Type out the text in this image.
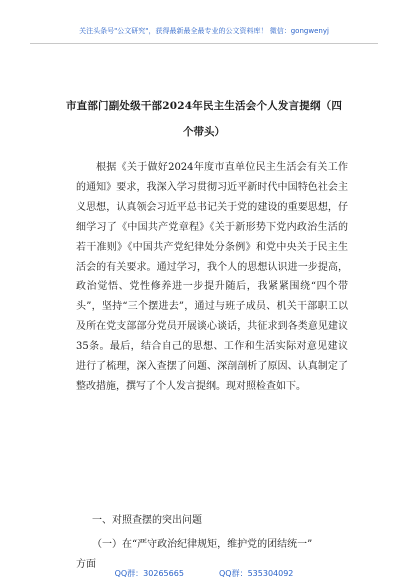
关注头条号"公文研究"，获得最新最全最专业的公文资料库！ 微信：gongwenyj
市直部门副处级干部2024年民主生活会个人发言提纲（四
个带头）

根据《关于做好2024年度市直单位民主生活会有关工作的通知》要求，我深入学习贯彻习近平新时代中国特色社会主义思想，认真领会习近平总书记关于党的建设的重要思想，仔细学习了《中国共产党章程》《关于新形势下党内政治生活的若干准则》《中国共产党纪律处分条例》和党中央关于民主生活会的有关要求。通过学习，我个人的思想认识进一步提高，政治觉悟、党性修养进一步提升随后，我紧紧围绕“四个带头”，坚持“三个摆进去”，通过与班子成员、机关干部职工以及所在党支部部分党员开展谈心谈话，共征求到各类意见建议35条。最后，结合自己的思想、工作和生活实际对意见建议进行了梳理，深入查摆了问题、深剖剖析了原因、认真制定了整改措施，撰写了个人发言提纲。现对照检查如下。

一、对照查摆的突出问题
（一）在“严守政治纪律规矩，维护党的团结统一”
方面
QQ群：30265665	QQ群：535304092
